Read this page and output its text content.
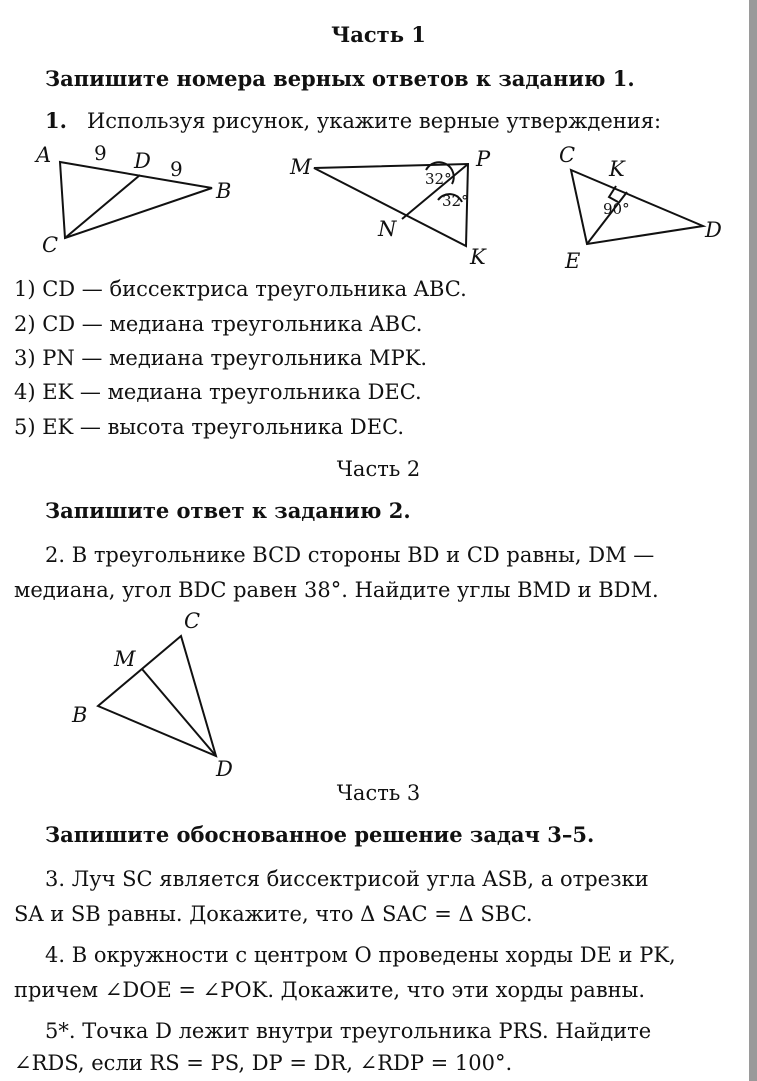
Часть 1
Запишите номера верных ответов к заданию 1.
1. Используя рисунок, укажите верные утверждения:
A 9 D 9
B
C
M	P
N
K
32°
32°
C
K
90°
D
E
1) CD — биссектриса треугольника ABC.
2) CD — медиана треугольника ABC.
3) PN — медиана треугольника MPK.
4) EK — медиана треугольника DEC.
5) EK — высота треугольника DEC.
Часть 2
Запишите ответ к заданию 2.
2. В треугольнике BCD стороны BD и CD равны, DM —
медиана, угол BDC равен 38°. Найдите углы BMD и BDM.
C
M
B
D
Часть 3
Запишите обоснованное решение задач 3–5.
3. Луч SC является биссектрисой угла ASB, а отрезки
SA и SB равны. Докажите, что Δ SAC = Δ SBC.
4. В окружности с центром O проведены хорды DE и PK,
причем ∠DOE = ∠POK. Докажите, что эти хорды равны.
5*. Точка D лежит внутри треугольника PRS. Найдите
∠RDS, если RS = PS, DP = DR, ∠RDP = 100°.
